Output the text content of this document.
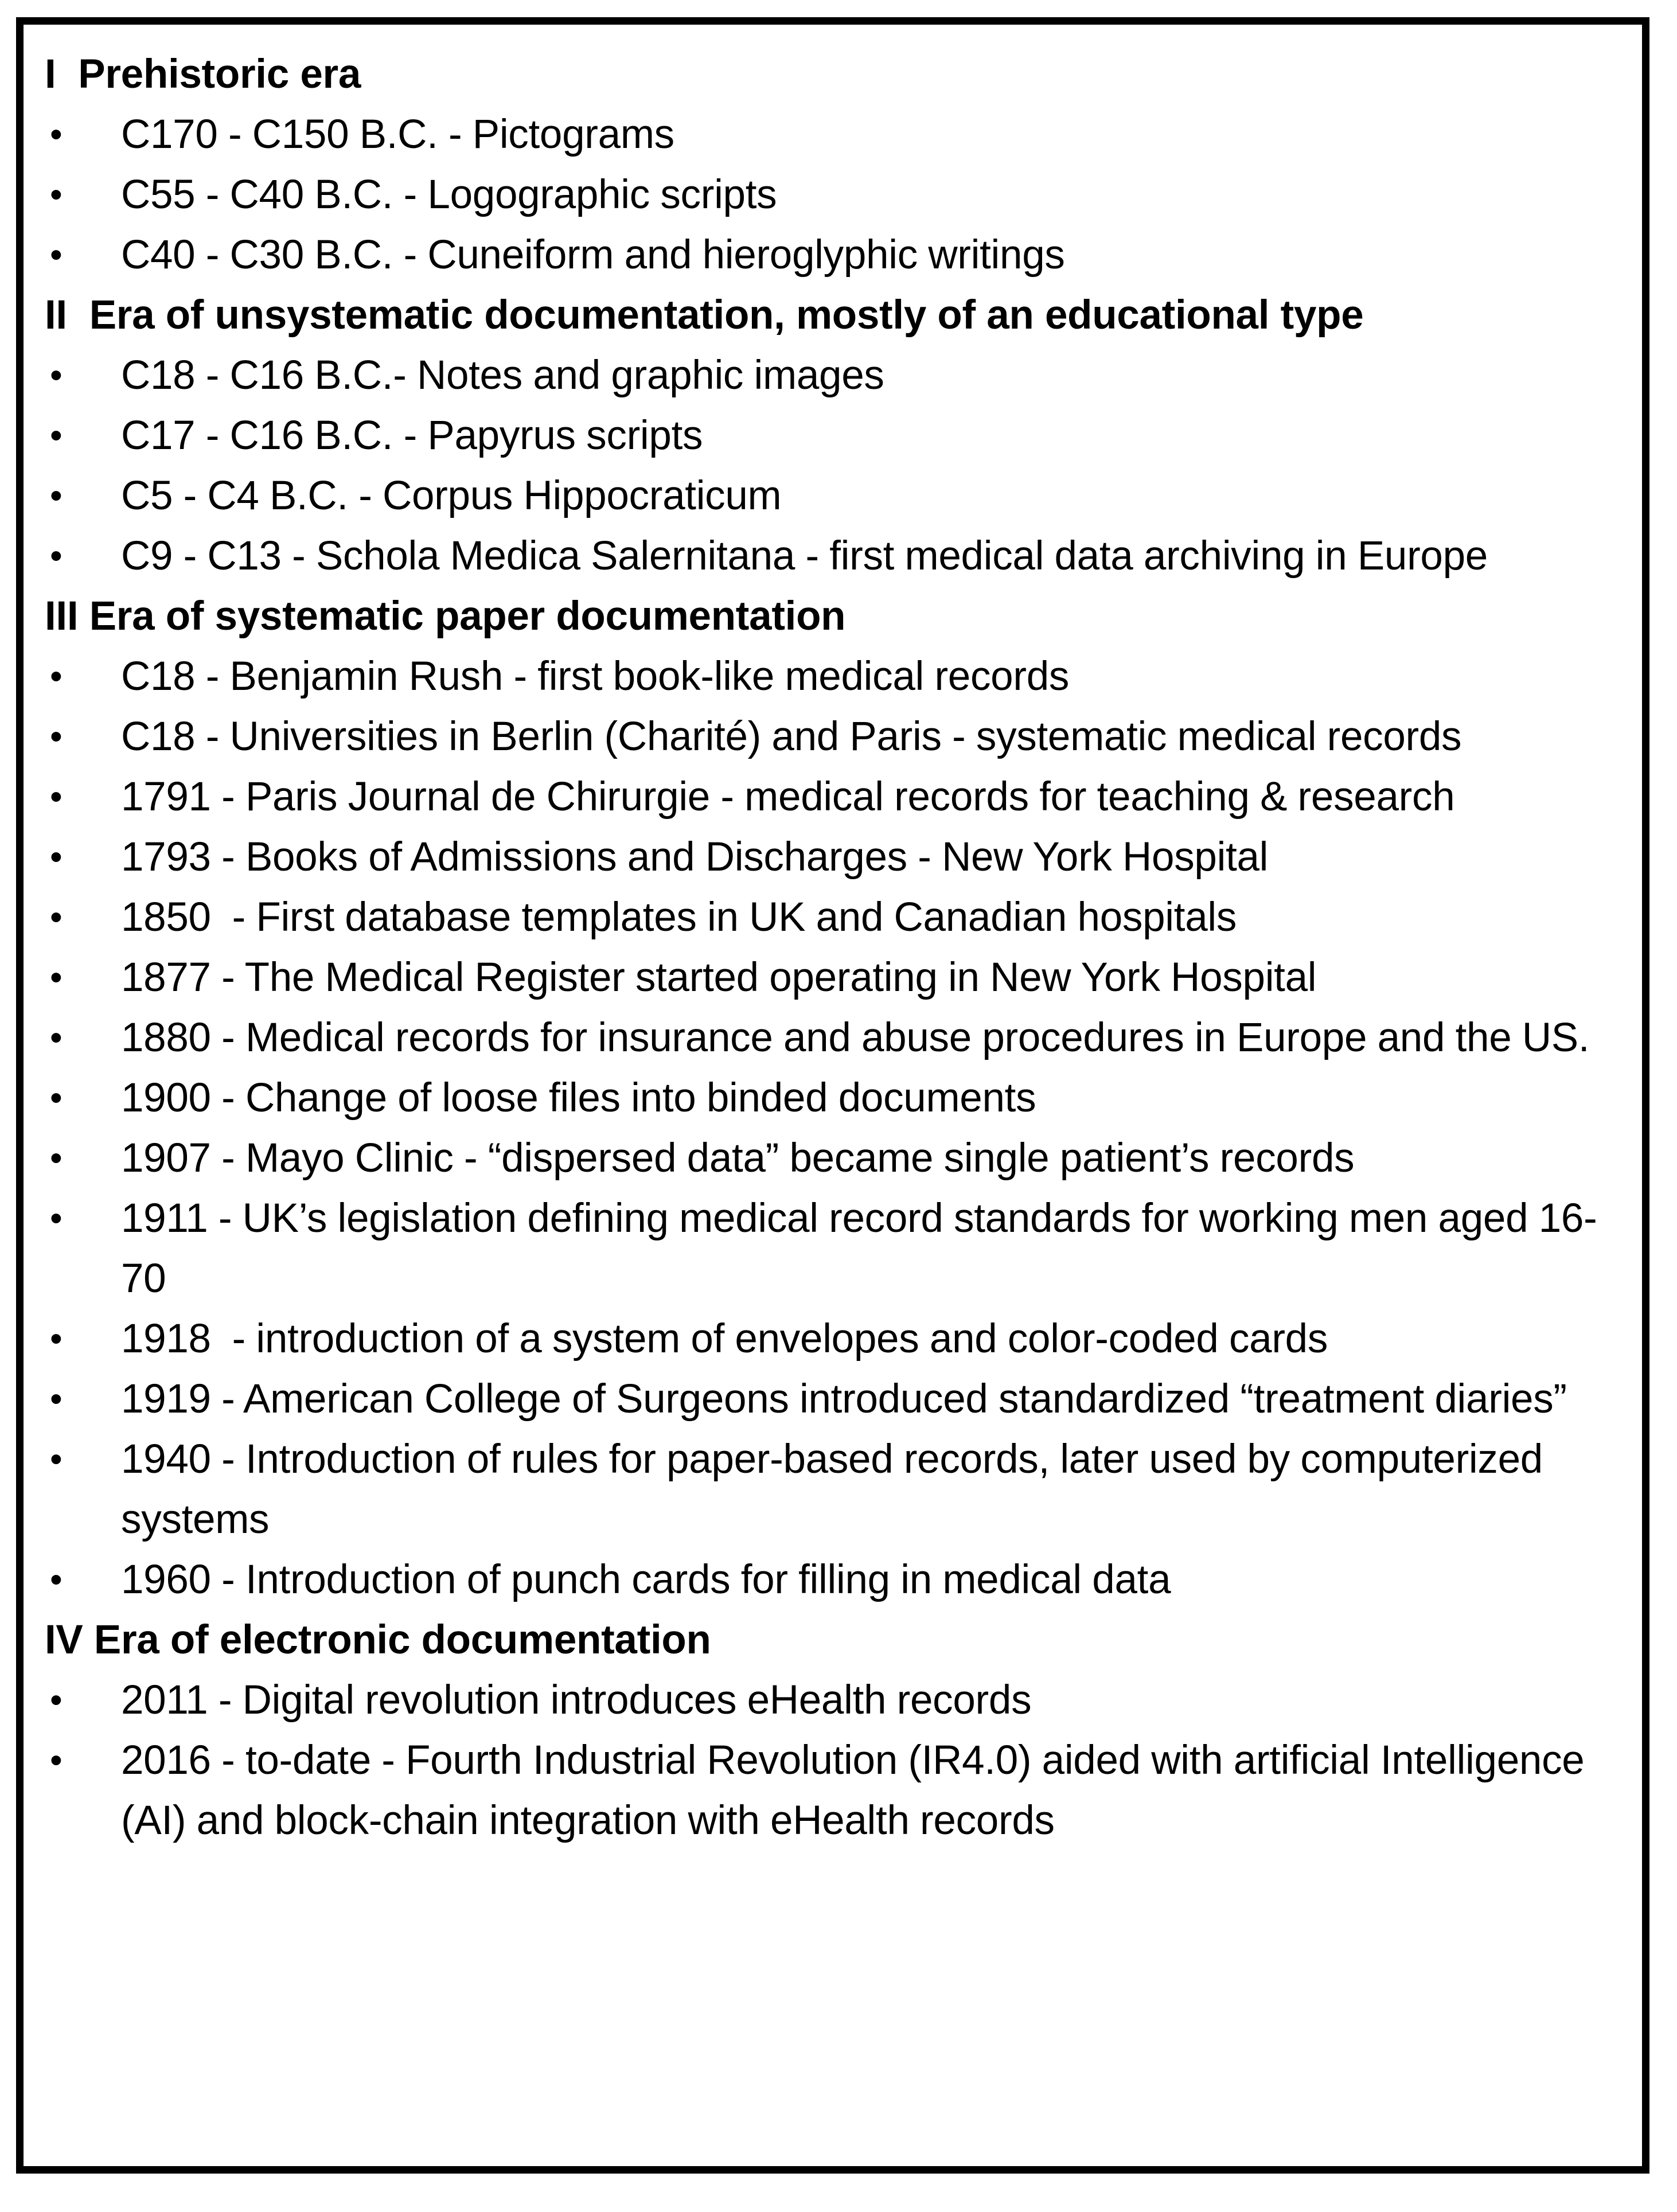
I
Prehistoric era
•	C170 - C150 B.C. - Pictograms
•	C55 - C40 B.C. - Logographic scripts
•	C40 - C30 B.C. - Cuneiform and hieroglyphic writings
II
Era of unsystematic documentation, mostly of an educational type
•	C18 - C16 B.C.- Notes and graphic images
•	C17 - C16 B.C. - Papyrus scripts
•	C5 - C4 B.C. - Corpus Hippocraticum
•	C9 - C13 - Schola Medica Salernitana - first medical data archiving in Europe
III
Era of systematic paper documentation
•	C18 - Benjamin Rush - first book-like medical records
•	C18 - Universities in Berlin (Charité) and Paris - systematic medical records
•	1791 - Paris Journal de Chirurgie - medical records for teaching & research
•	1793 - Books of Admissions and Discharges - New York Hospital
•	1850  - First database templates in UK and Canadian hospitals
•	1877 - The Medical Register started operating in New York Hospital
•	1880 - Medical records for insurance and abuse procedures in Europe and the US.
•	1900 - Change of loose files into binded documents
•	1907 - Mayo Clinic - “dispersed data” became single patient’s records
•	1911 - UK’s legislation defining medical record standards for working men aged 16-70
•	1918  - introduction of a system of envelopes and color-coded cards
•	1919 - American College of Surgeons introduced standardized “treatment diaries”
•	1940 - Introduction of rules for paper-based records, later used by computerized systems
•	1960 - Introduction of punch cards for filling in medical data
IV
Era of electronic documentation
•	2011 - Digital revolution introduces eHealth records
•	2016 - to-date - Fourth Industrial Revolution (IR4.0) aided with artificial Intelligence (AI) and block-chain integration with eHealth records
